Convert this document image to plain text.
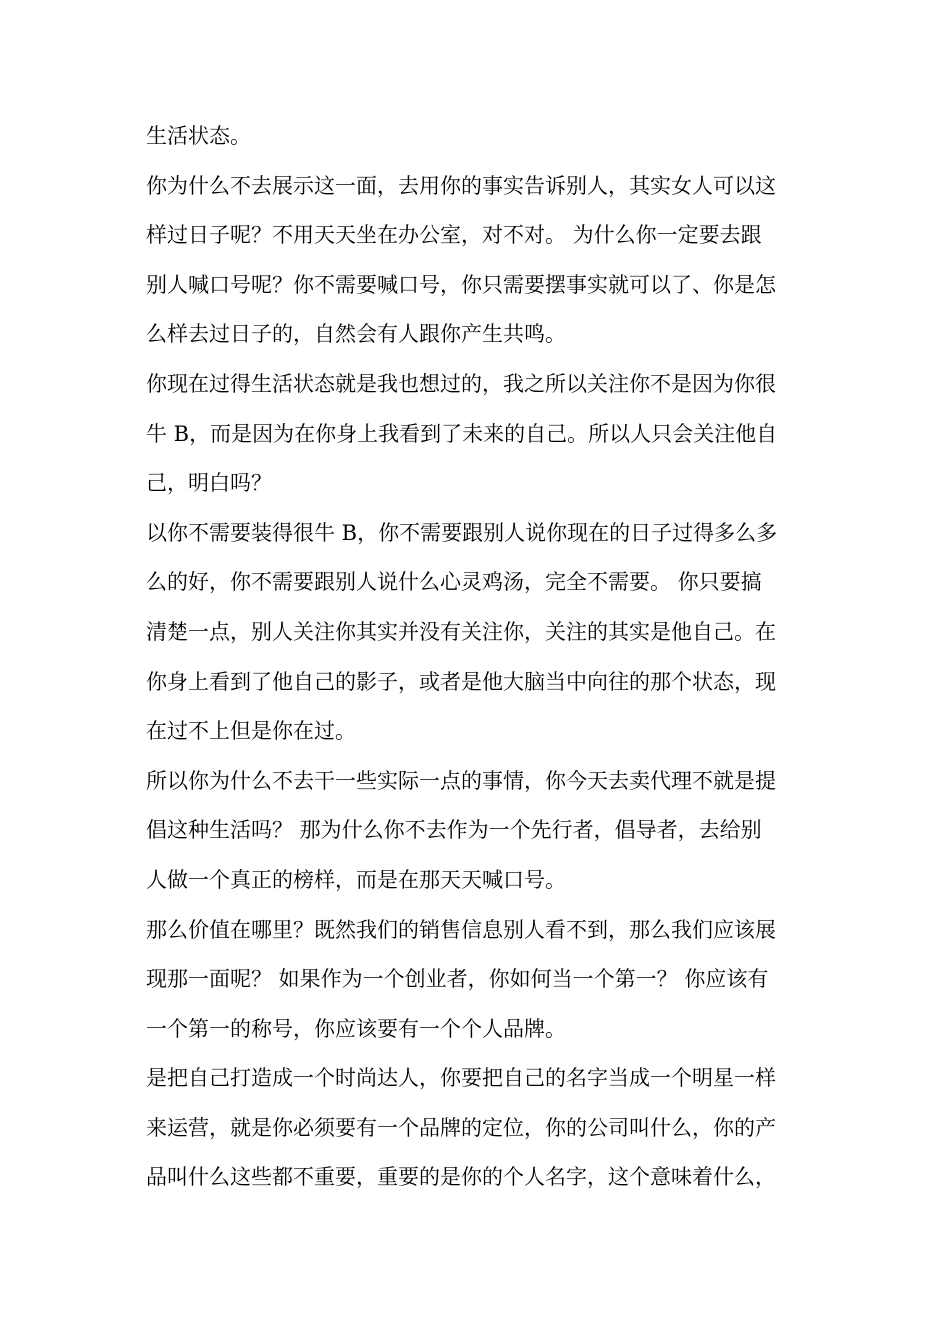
生活状态。
你为什么不去展示这一面，去用你的事实告诉别人，其实女人可以这
样过日子呢？不用天天坐在办公室，对不对。 为什么你一定要去跟
别人喊口号呢？你不需要喊口号，你只需要摆事实就可以了、你是怎
么样去过日子的，自然会有人跟你产生共鸣。
你现在过得生活状态就是我也想过的，我之所以关注你不是因为你很
牛 B，而是因为在你身上我看到了未来的自己。所以人只会关注他自
己，明白吗？
以你不需要装得很牛 B，你不需要跟别人说你现在的日子过得多么多
么的好，你不需要跟别人说什么心灵鸡汤，完全不需要。 你只要搞
清楚一点，别人关注你其实并没有关注你，关注的其实是他自己。在
你身上看到了他自己的影子，或者是他大脑当中向往的那个状态，现
在过不上但是你在过。
所以你为什么不去干一些实际一点的事情，你今天去卖代理不就是提
倡这种生活吗？ 那为什么你不去作为一个先行者，倡导者，去给别
人做一个真正的榜样，而是在那天天喊口号。
那么价值在哪里？既然我们的销售信息别人看不到，那么我们应该展
现那一面呢？ 如果作为一个创业者，你如何当一个第一？ 你应该有
一个第一的称号，你应该要有一个个人品牌。
是把自己打造成一个时尚达人，你要把自己的名字当成一个明星一样
来运营，就是你必须要有一个品牌的定位，你的公司叫什么，你的产
品叫什么这些都不重要，重要的是你的个人名字，这个意味着什么，
